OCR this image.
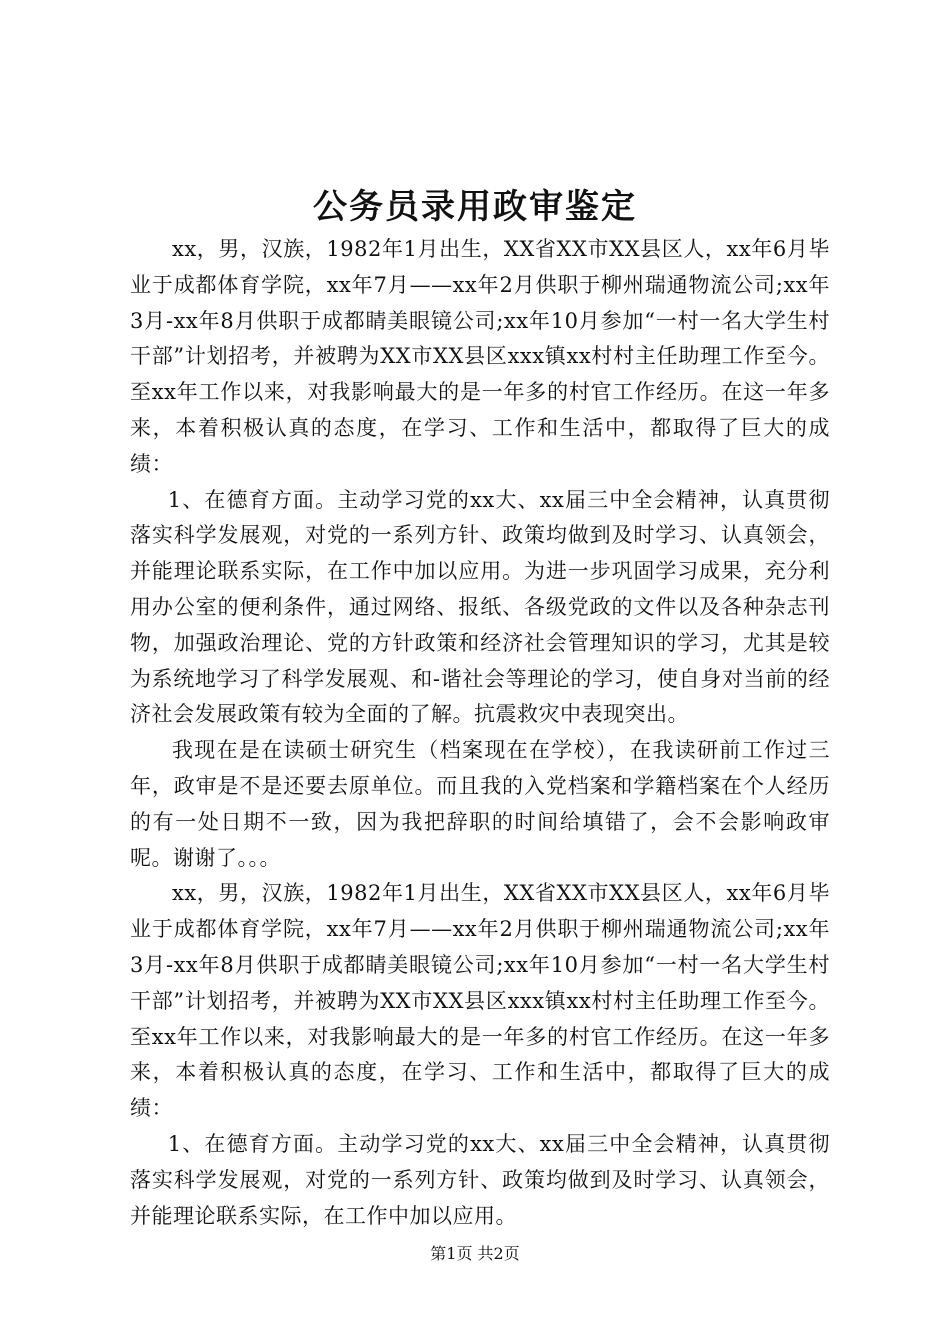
公务员录用政审鉴定

xx，男，汉族，1982年1月出生，XX省XX市XX县区人，xx年6月毕业于成都体育学院，xx年7月——xx年2月供职于柳州瑞通物流公司;xx年3月-xx年8月供职于成都睛美眼镜公司;xx年10月参加“一村一名大学生村干部”计划招考，并被聘为XX市XX县区xxx镇xx村村主任助理工作至今。至xx年工作以来，对我影响最大的是一年多的村官工作经历。在这一年多来，本着积极认真的态度，在学习、工作和生活中，都取得了巨大的成绩：

1、在德育方面。主动学习党的xx大、xx届三中全会精神，认真贯彻落实科学发展观，对党的一系列方针、政策均做到及时学习、认真领会，并能理论联系实际，在工作中加以应用。为进一步巩固学习成果，充分利用办公室的便利条件，通过网络、报纸、各级党政的文件以及各种杂志刊物，加强政治理论、党的方针政策和经济社会管理知识的学习，尤其是较为系统地学习了科学发展观、和-谐社会等理论的学习，使自身对当前的经济社会发展政策有较为全面的了解。抗震救灾中表现突出。

我现在是在读硕士研究生（档案现在在学校），在我读研前工作过三年，政审是不是还要去原单位。而且我的入党档案和学籍档案在个人经历的有一处日期不一致，因为我把辞职的时间给填错了，会不会影响政审呢。谢谢了。。。

xx，男，汉族，1982年1月出生，XX省XX市XX县区人，xx年6月毕业于成都体育学院，xx年7月——xx年2月供职于柳州瑞通物流公司;xx年3月-xx年8月供职于成都睛美眼镜公司;xx年10月参加“一村一名大学生村干部”计划招考，并被聘为XX市XX县区xxx镇xx村村主任助理工作至今。至xx年工作以来，对我影响最大的是一年多的村官工作经历。在这一年多来，本着积极认真的态度，在学习、工作和生活中，都取得了巨大的成绩：

1、在德育方面。主动学习党的xx大、xx届三中全会精神，认真贯彻落实科学发展观，对党的一系列方针、政策均做到及时学习、认真领会，并能理论联系实际，在工作中加以应用。

第1页 共2页
